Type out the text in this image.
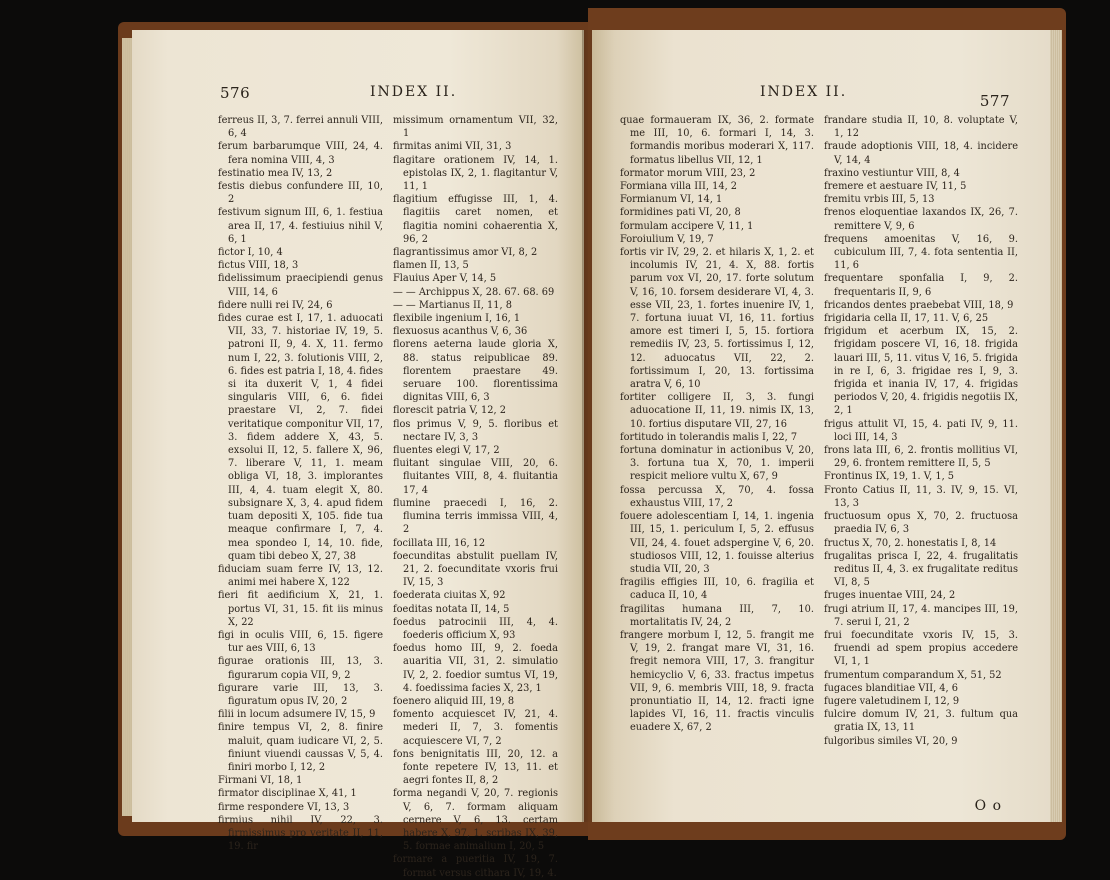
576	INDEX II.

ferreus II, 3, 7. ferrei annuli VIII, 6, 4

ferum barbarumque VIII, 24, 4. fera nomina VIII, 4, 3

festinatio mea IV, 13, 2

festis diebus confundere III, 10, 2

festivum signum III, 6, 1. festiua area II, 17, 4. festiuius nihil V, 6, 1

fictor I, 10, 4

fictus VIII, 18, 3

fidelissimum praecipiendi genus VIII, 14, 6

fidere nulli rei IV, 24, 6

fides curae est I, 17, 1. aduocati VII, 33, 7. historiae IV, 19, 5. patroni II, 9, 4. X, 11. fermo num I, 22, 3. folutionis VIII, 2, 6. fides est patria I, 18, 4. fides si ita duxerit V, 1, 4 fidei singularis VIII, 6, 6. fidei praestare VI, 2, 7. fidei veritatique componitur VII, 17, 3. fidem addere X, 43, 5. exsolui II, 12, 5. fallere X, 96, 7. liberare V, 11, 1. meam obliga VI, 18, 3. implorantes III, 4, 4. tuam elegit X, 80. subsignare X, 3, 4. apud fidem tuam depositi X, 105. fide tua meaque confirmare I, 7, 4. mea spondeo I, 14, 10. fide, quam tibi debeo X, 27, 38

fiduciam suam ferre IV, 13, 12. animi mei habere X, 122

fieri fit aedificium X, 21, 1. portus VI, 31, 15. fit iis minus X, 22

figi in oculis VIII, 6, 15. figere tur aes VIII, 6, 13

figurae orationis III, 13, 3. figurarum copia VII, 9, 2

figurare varie III, 13, 3. figuratum opus IV, 20, 2

filii in locum adsumere IV, 15, 9

finire tempus VI, 2, 8. finire maluit, quam iudicare VI, 2, 5. finiunt viuendi caussas V, 5, 4. finiri morbo I, 12, 2

Firmani VI, 18, 1

firmator disciplinae X, 41, 1

firme respondere VI, 13, 3

firmius nihil IV, 22, 3. firmissimus pro veritate II, 11, 19. fir

missimum ornamentum VII, 32, 1

firmitas animi VII, 31, 3

flagitare orationem IV, 14, 1. epistolas IX, 2, 1. flagitantur V, 11, 1

flagitium effugisse III, 1, 4. flagitiis caret nomen, et flagitia nomini cohaerentia X, 96, 2

flagrantissimus amor VI, 8, 2

flamen II, 13, 5

Flauius Aper V, 14, 5

— — Archippus X, 28. 67. 68. 69

— — Martianus II, 11, 8

flexibile ingenium I, 16, 1

flexuosus acanthus V, 6, 36

florens aeterna laude gloria X, 88. status reipublicae 89. florentem praestare 49. seruare 100. florentissima dignitas VIII, 6, 3

florescit patria V, 12, 2

flos primus V, 9, 5. floribus et nectare IV, 3, 3

fluentes elegi V, 17, 2

fluitant singulae VIII, 20, 6. fluitantes VIII, 8, 4. fluitantia 17, 4

flumine praecedi I, 16, 2. flumina terris immissa VIII, 4, 2

focillata III, 16, 12

foecunditas abstulit puellam IV, 21, 2. foecunditate vxoris frui IV, 15, 3

foederata ciuitas X, 92

foeditas notata II, 14, 5

foedus patrocinii III, 4, 4. foederis officium X, 93

foedus homo III, 9, 2. foeda auaritia VII, 31, 2. simulatio IV, 2, 2. foedior sumtus VI, 19, 4. foedissima facies X, 23, 1

foenero aliquid III, 19, 8

fomento acquiescet IV, 21, 4. mederi II, 7, 3. fomentis acquiescere VI, 7, 2

fons benignitatis III, 20, 12. a fonte repetere IV, 13, 11. et aegri fontes II, 8, 2

forma negandi V, 20, 7. regionis V, 6, 7. formam aliquam cernere V, 6, 13. certam habere X, 97, 1. scribas IX, 39, 5. formae animalium I, 20, 5

formare a pueritia IV, 19, 7. format versus cithara IV, 19, 4.

INDEX II.	577

quae formaueram IX, 36, 2. formate me III, 10, 6. formari I, 14, 3. formandis moribus moderari X, 117. formatus libellus VII, 12, 1

formator morum VIII, 23, 2

Formiana villa III, 14, 2

Formianum VI, 14, 1

formidines pati VI, 20, 8

formulam accipere V, 11, 1

Foroiulium V, 19, 7

fortis vir IV, 29, 2. et hilaris X, 1, 2. et incolumis IV, 21, 4. X, 88. fortis parum vox VI, 20, 17. forte solutum V, 16, 10. forsem desiderare VI, 4, 3. esse VII, 23, 1. fortes inuenire IV, 1, 7. fortuna iuuat VI, 16, 11. fortius amore est timeri I, 5, 15. fortiora remediis IV, 23, 5. fortissimus I, 12, 12. aduocatus VII, 22, 2. fortissimum I, 20, 13. fortissima aratra V, 6, 10

fortiter colligere II, 3, 3. fungi aduocatione II, 11, 19. nimis IX, 13, 10. fortius disputare VII, 27, 16

fortitudo in tolerandis malis I, 22, 7

fortuna dominatur in actionibus V, 20, 3. fortuna tua X, 70, 1. imperii respicit meliore vultu X, 67, 9

fossa percussa X, 70, 4. fossa exhaustus VIII, 17, 2

fouere adolescentiam I, 14, 1. ingenia III, 15, 1. periculum I, 5, 2. effusus VII, 24, 4. fouet adspergine V, 6, 20. studiosos VIII, 12, 1. fouisse alterius studia VII, 20, 3

fragilis effigies III, 10, 6. fragilia et caduca II, 10, 4

fragilitas humana III, 7, 10. mortalitatis IV, 24, 2

frangere morbum I, 12, 5. frangit me V, 19, 2. frangat mare VI, 31, 16. fregit nemora VIII, 17, 3. frangitur hemicyclio V, 6, 33. fractus impetus VII, 9, 6. membris VIII, 18, 9. fracta pronuntiatio II, 14, 12. fracti igne lapides VI, 16, 11. fractis vinculis euadere X, 67, 2

frandare studia II, 10, 8. voluptate V, 1, 12

fraude adoptionis VIII, 18, 4. incidere V, 14, 4

fraxino vestiuntur VIII, 8, 4

fremere et aestuare IV, 11, 5

fremitu vrbis III, 5, 13

frenos eloquentiae laxandos IX, 26, 7. remittere V, 9, 6

frequens amoenitas V, 16, 9. cubiculum III, 7, 4. fota sententia II, 11, 6

frequentare sponfalia I, 9, 2. frequentaris II, 9, 6

fricandos dentes praebebat VIII, 18, 9

frigidaria cella II, 17, 11. V, 6, 25

frigidum et acerbum IX, 15, 2. frigidam poscere VI, 16, 18. frigida lauari III, 5, 11. vitus V, 16, 5. frigida in re I, 6, 3. frigidae res I, 9, 3. frigida et inania IV, 17, 4. frigidas periodos V, 20, 4. frigidis negotiis IX, 2, 1

frigus attulit VI, 15, 4. pati IV, 9, 11. loci III, 14, 3

frons lata III, 6, 2. frontis mollitius VI, 29, 6. frontem remittere II, 5, 5

Frontinus IX, 19, 1. V, 1, 5

Fronto Catius II, 11, 3. IV, 9, 15. VI, 13, 3

fructuosum opus X, 70, 2. fructuosa praedia IV, 6, 3

fructus X, 70, 2. honestatis I, 8, 14

frugalitas prisca I, 22, 4. frugalitatis reditus II, 4, 3. ex frugalitate reditus VI, 8, 5

fruges inuentae VIII, 24, 2

frugi atrium II, 17, 4. mancipes III, 19, 7. serui I, 21, 2

frui foecunditate vxoris IV, 15, 3. fruendi ad spem propius accedere VI, 1, 1

frumentum comparandum X, 51, 52

fugaces blanditiae VII, 4, 6

fugere valetudinem I, 12, 9

fulcire domum IV, 21, 3. fultum qua gratia IX, 13, 11

fulgoribus similes VI, 20, 9

O o
